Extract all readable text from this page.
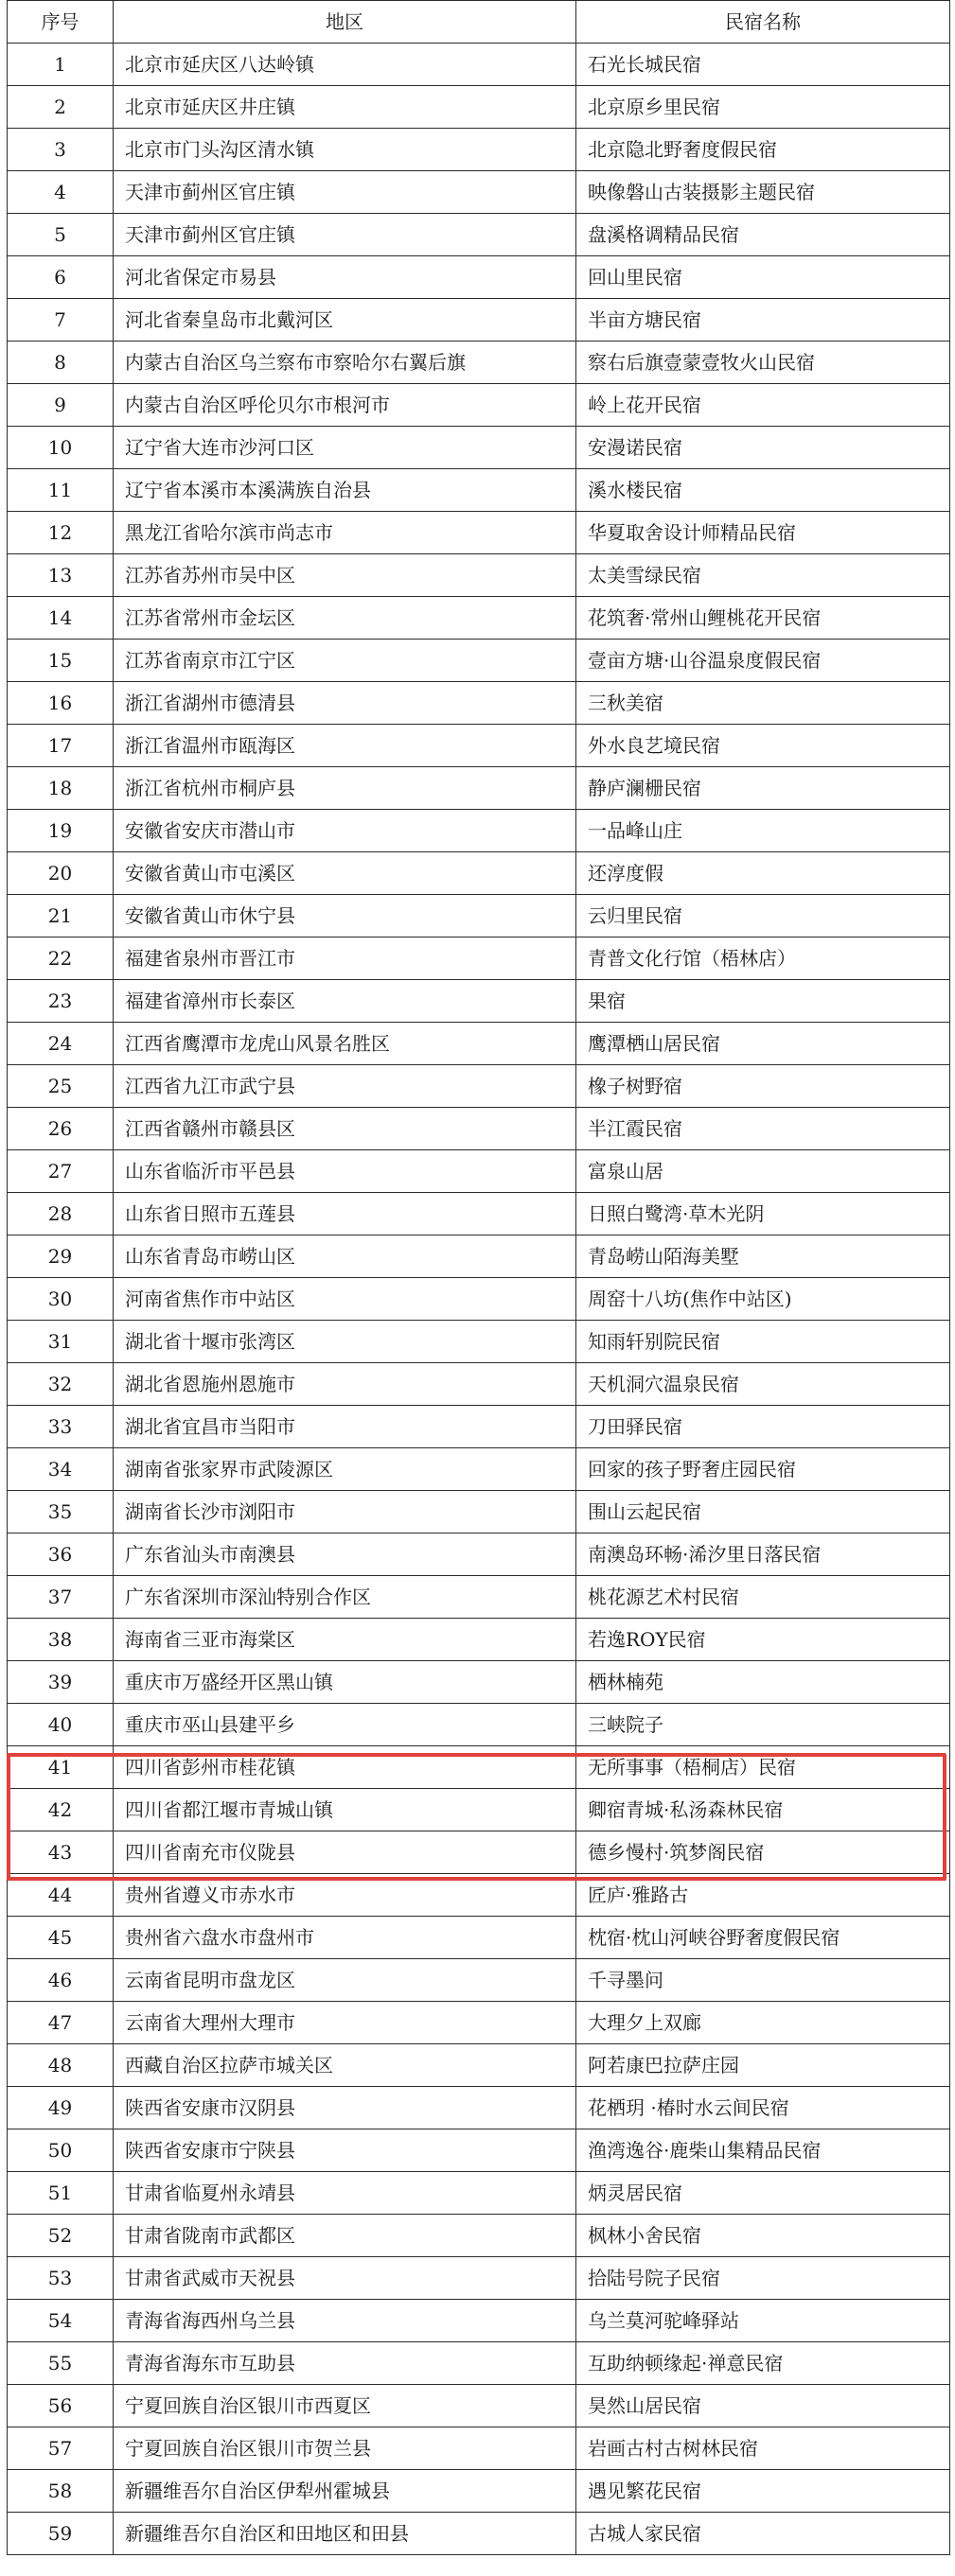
序号	地区	民宿名称
1	北京市延庆区八达岭镇	石光长城民宿
2	北京市延庆区井庄镇	北京原乡里民宿
3	北京市门头沟区清水镇	北京隐北野奢度假民宿
4	天津市蓟州区官庄镇	映像磐山古装摄影主题民宿
5	天津市蓟州区官庄镇	盘溪格调精品民宿
6	河北省保定市易县	回山里民宿
7	河北省秦皇岛市北戴河区	半亩方塘民宿
8	内蒙古自治区乌兰察布市察哈尔右翼后旗	察右后旗壹蒙壹牧火山民宿
9	内蒙古自治区呼伦贝尔市根河市	岭上花开民宿
10	辽宁省大连市沙河口区	安漫诺民宿
11	辽宁省本溪市本溪满族自治县	溪水楼民宿
12	黑龙江省哈尔滨市尚志市	华夏取舍设计师精品民宿
13	江苏省苏州市吴中区	太美雪绿民宿
14	江苏省常州市金坛区	花筑奢·常州山鲤桃花开民宿
15	江苏省南京市江宁区	壹亩方塘·山谷温泉度假民宿
16	浙江省湖州市德清县	三秋美宿
17	浙江省温州市瓯海区	外水良艺境民宿
18	浙江省杭州市桐庐县	静庐澜栅民宿
19	安徽省安庆市潜山市	一品峰山庄
20	安徽省黄山市屯溪区	还淳度假
21	安徽省黄山市休宁县	云归里民宿
22	福建省泉州市晋江市	青普文化行馆（梧林店）
23	福建省漳州市长泰区	果宿
24	江西省鹰潭市龙虎山风景名胜区	鹰潭栖山居民宿
25	江西省九江市武宁县	橡子树野宿
26	江西省赣州市赣县区	半江霞民宿
27	山东省临沂市平邑县	富泉山居
28	山东省日照市五莲县	日照白鹭湾·草木光阴
29	山东省青岛市崂山区	青岛崂山陌海美墅
30	河南省焦作市中站区	周窑十八坊(焦作中站区)
31	湖北省十堰市张湾区	知雨轩别院民宿
32	湖北省恩施州恩施市	天机洞穴温泉民宿
33	湖北省宜昌市当阳市	刀田驿民宿
34	湖南省张家界市武陵源区	回家的孩子野奢庄园民宿
35	湖南省长沙市浏阳市	围山云起民宿
36	广东省汕头市南澳县	南澳岛环畅·浠汐里日落民宿
37	广东省深圳市深汕特别合作区	桃花源艺术村民宿
38	海南省三亚市海棠区	若逸ROY民宿
39	重庆市万盛经开区黑山镇	栖林楠苑
40	重庆市巫山县建平乡	三峡院子
41	四川省彭州市桂花镇	无所事事（梧桐店）民宿
42	四川省都江堰市青城山镇	卿宿青城·私汤森林民宿
43	四川省南充市仪陇县	德乡慢村·筑梦阁民宿
44	贵州省遵义市赤水市	匠庐·雅路古
45	贵州省六盘水市盘州市	枕宿·枕山河峡谷野奢度假民宿
46	云南省昆明市盘龙区	千寻墨问
47	云南省大理州大理市	大理夕上双廊
48	西藏自治区拉萨市城关区	阿若康巴拉萨庄园
49	陕西省安康市汉阴县	花栖玥 ·椿时水云间民宿
50	陕西省安康市宁陕县	渔湾逸谷·鹿柴山集精品民宿
51	甘肃省临夏州永靖县	炳灵居民宿
52	甘肃省陇南市武都区	枫林小舍民宿
53	甘肃省武威市天祝县	拾陆号院子民宿
54	青海省海西州乌兰县	乌兰莫河驼峰驿站
55	青海省海东市互助县	互助纳顿缘起·禅意民宿
56	宁夏回族自治区银川市西夏区	昊然山居民宿
57	宁夏回族自治区银川市贺兰县	岩画古村古树林民宿
58	新疆维吾尔自治区伊犁州霍城县	遇见繁花民宿
59	新疆维吾尔自治区和田地区和田县	古城人家民宿
